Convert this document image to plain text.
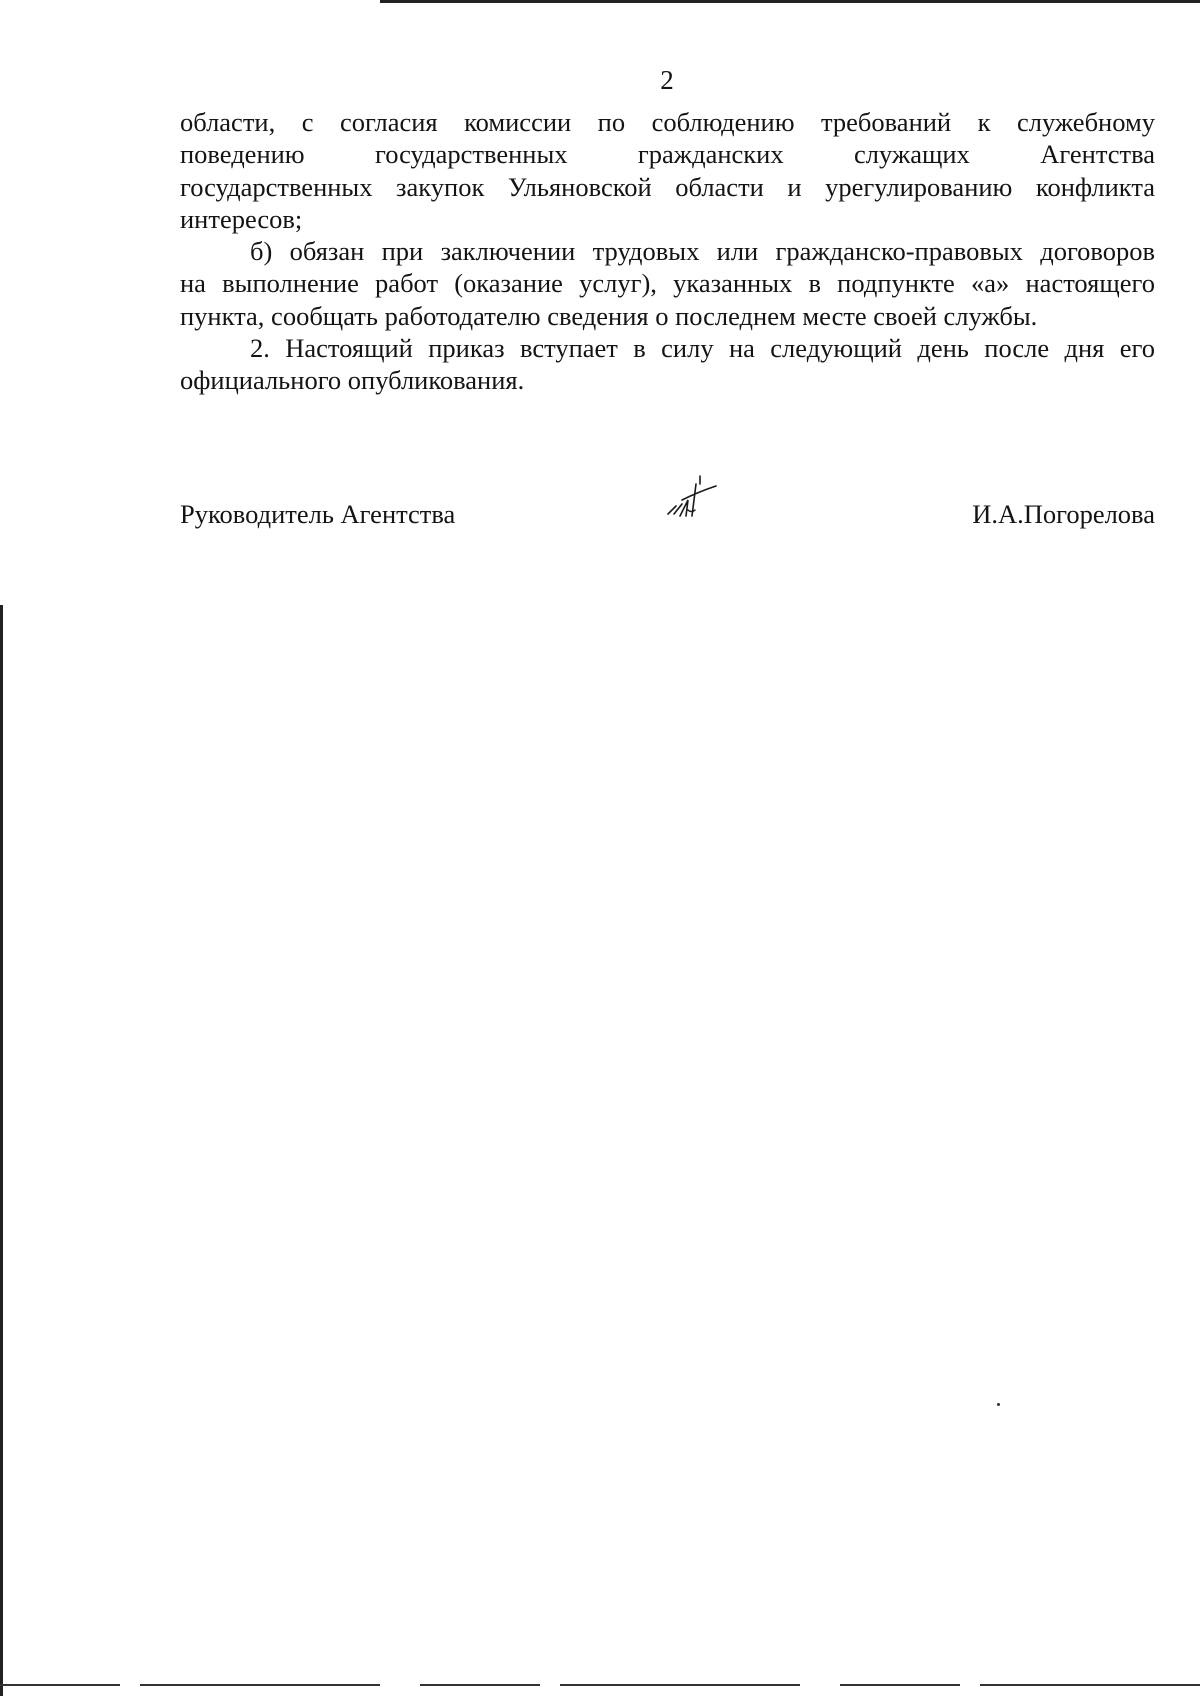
2

области, с согласия комиссии по соблюдению требований к служебному
поведению государственных гражданских служащих Агентства
государственных закупок Ульяновской области и урегулированию конфликта
интересов;

б) обязан при заключении трудовых или гражданско-правовых договоров
на выполнение работ (оказание услуг), указанных в подпункте «а» настоящего
пункта, сообщать работодателю сведения о последнем месте своей службы.

2. Настоящий приказ вступает в силу на следующий день после дня его
официального опубликования.

Руководитель Агентства	И.А.Погорелова
